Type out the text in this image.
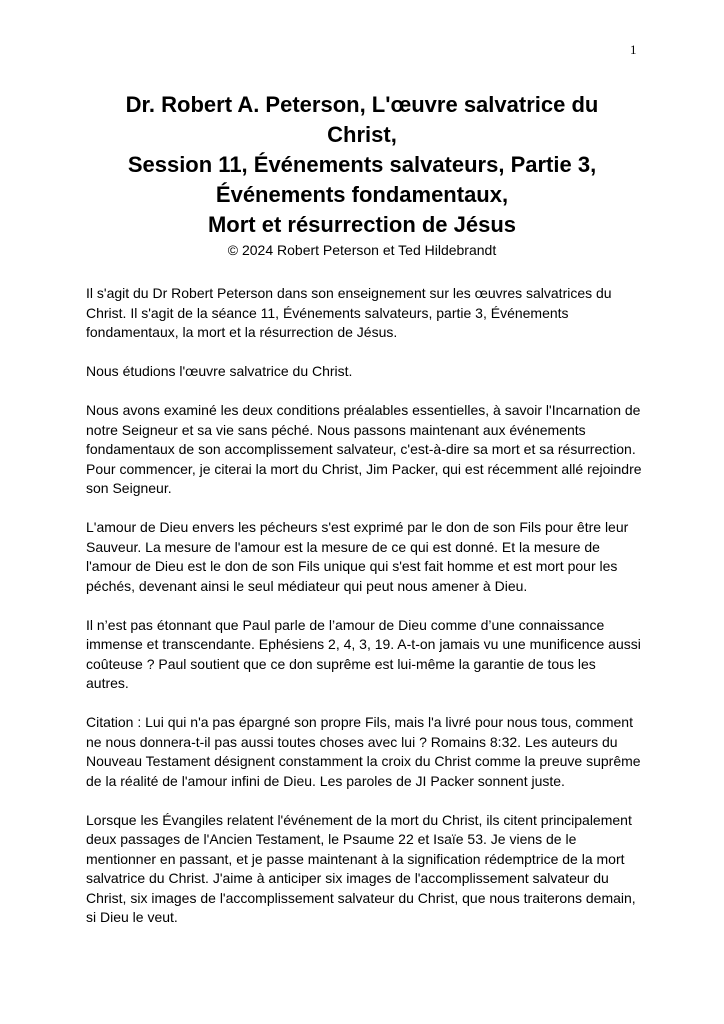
1
Dr. Robert A. Peterson, L'œuvre salvatrice du
Christ,
Session 11, Événements salvateurs, Partie 3,
Événements fondamentaux,
Mort et résurrection de Jésus
© 2024 Robert Peterson et Ted Hildebrandt

Il s'agit du Dr Robert Peterson dans son enseignement sur les œuvres salvatrices du Christ. Il s'agit de la séance 11, Événements salvateurs, partie 3, Événements fondamentaux, la mort et la résurrection de Jésus.

Nous étudions l'œuvre salvatrice du Christ.

Nous avons examiné les deux conditions préalables essentielles, à savoir l'Incarnation de notre Seigneur et sa vie sans péché. Nous passons maintenant aux événements fondamentaux de son accomplissement salvateur, c'est-à-dire sa mort et sa résurrection. Pour commencer, je citerai la mort du Christ, Jim Packer, qui est récemment allé rejoindre son Seigneur.

L'amour de Dieu envers les pécheurs s'est exprimé par le don de son Fils pour être leur Sauveur. La mesure de l'amour est la mesure de ce qui est donné. Et la mesure de l'amour de Dieu est le don de son Fils unique qui s'est fait homme et est mort pour les péchés, devenant ainsi le seul médiateur qui peut nous amener à Dieu.

Il n’est pas étonnant que Paul parle de l’amour de Dieu comme d’une connaissance immense et transcendante. Ephésiens 2, 4, 3, 19. A-t-on jamais vu une munificence aussi coûteuse ? Paul soutient que ce don suprême est lui-même la garantie de tous les autres.

Citation : Lui qui n'a pas épargné son propre Fils, mais l'a livré pour nous tous, comment ne nous donnera-t-il pas aussi toutes choses avec lui ? Romains 8:32. Les auteurs du Nouveau Testament désignent constamment la croix du Christ comme la preuve suprême de la réalité de l'amour infini de Dieu. Les paroles de JI Packer sonnent juste.

Lorsque les Évangiles relatent l'événement de la mort du Christ, ils citent principalement deux passages de l'Ancien Testament, le Psaume 22 et Isaïe 53. Je viens de le mentionner en passant, et je passe maintenant à la signification rédemptrice de la mort salvatrice du Christ. J'aime à anticiper six images de l'accomplissement salvateur du Christ, six images de l'accomplissement salvateur du Christ, que nous traiterons demain, si Dieu le veut.
